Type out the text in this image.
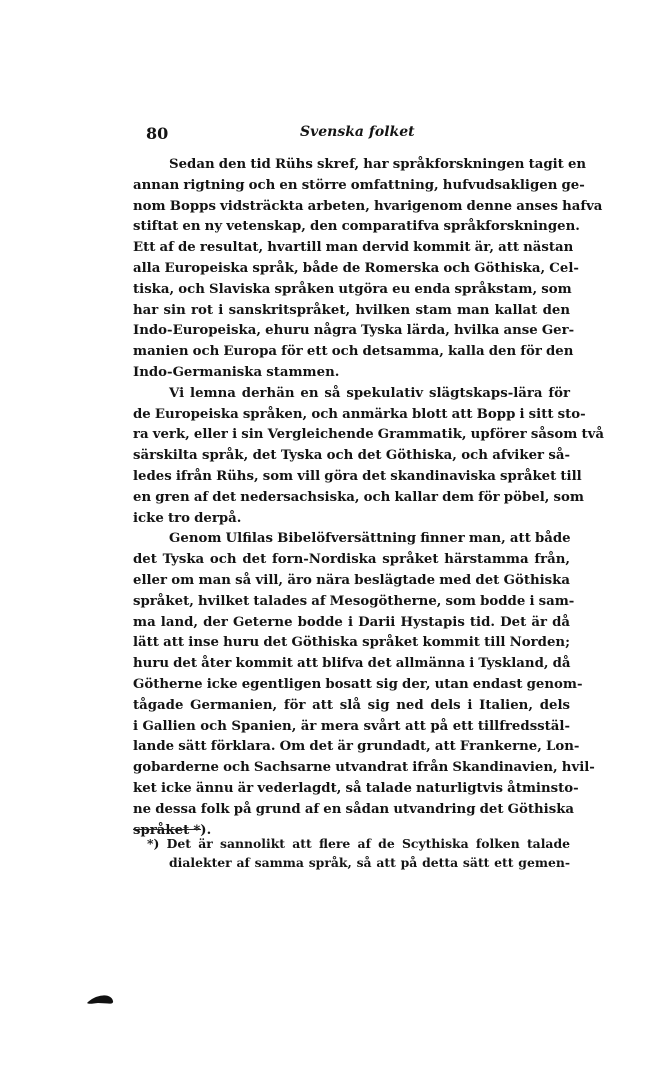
80	Svenska folket
Sedan den tid Rühs skref, har språkforskningen tagit en
annan rigtning och en större omfattning, hufvudsakligen ge-
nom Bopps vidsträckta arbeten, hvarigenom denne anses hafva
stiftat en ny vetenskap, den comparatifva språkforskningen.
Ett af de resultat, hvartill man dervid kommit är, att nästan
alla Europeiska språk, både de Romerska och Göthiska, Cel-
tiska, och Slaviska språken utgöra eu enda språkstam, som
har sin rot i sanskritspråket, hvilken stam man kallat den
Indo-Europeiska, ehuru några Tyska lärda, hvilka anse Ger-
manien och Europa för ett och detsamma, kalla den för den
Indo-Germaniska stammen.
Vi lemna derhän en så spekulativ slägtskaps-lära för
de Europeiska språken, och anmärka blott att Bopp i sitt sto-
ra verk, eller i sin Vergleichende Grammatik, upförer såsom två
särskilta språk, det Tyska och det Göthiska, och afviker så-
ledes ifrån Rühs, som vill göra det skandinaviska språket till
en gren af det nedersachsiska, och kallar dem för pöbel, som
icke tro derpå.
Genom Ulfilas Bibelöfversättning finner man, att både
det Tyska och det forn-Nordiska språket härstamma från,
eller om man så vill, äro nära beslägtade med det Göthiska
språket, hvilket talades af Mesogötherne, som bodde i sam-
ma land, der Geterne bodde i Darii Hystapis tid. Det är då
lätt att inse huru det Göthiska språket kommit till Norden;
huru det åter kommit att blifva det allmänna i Tyskland, då
Götherne icke egentligen bosatt sig der, utan endast genom-
tågade Germanien, för att slå sig ned dels i Italien, dels
i Gallien och Spanien, är mera svårt att på ett tillfredsstäl-
lande sätt förklara. Om det är grundadt, att Frankerne, Lon-
gobarderne och Sachsarne utvandrat ifrån Skandinavien, hvil-
ket icke ännu är vederlagdt, så talade naturligtvis åtminsto-
ne dessa folk på grund af en sådan utvandring det Göthiska
språket *).
*) Det är sannolikt att flere af de Scythiska folken talade
dialekter af samma språk, så att på detta sätt ett gemen-
